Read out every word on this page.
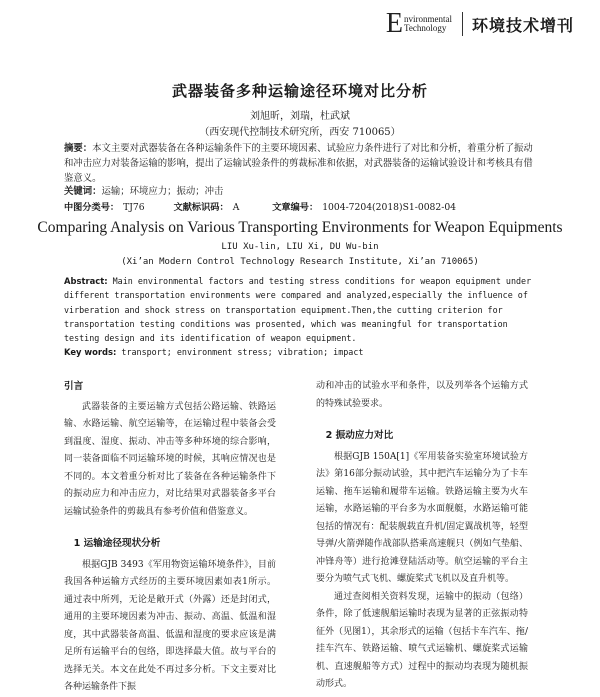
E nvironmental
Technology	环境技术增刊
武器装备多种运输途径环境对比分析
刘旭昕，刘瑞，杜武斌
（西安现代控制技术研究所，西安 710065）
摘要：本文主要对武器装备在各种运输条件下的主要环境因素、试验应力条件进行了对比和分析，着重分析了振动和冲击应力对装备运输的影响，提出了运输试验条件的剪裁标准和依据，对武器装备的运输试验设计和考核具有借鉴意义。
关键词：运输；环境应力；振动；冲击
中图分类号： TJ76	文献标识码： A	文章编号： 1004-7204(2018)S1-0082-04
Comparing Analysis on Various Transporting Environments for Weapon Equipments
LIU Xu-lin, LIU Xi, DU Wu-bin
(Xi’an Modern Control Technology Research Institute, Xi’an 710065)
Abstract: Main environmental factors and testing stress conditions for weapon equipment under different transportation environments were compared and analyzed,especially the influence of virberation and shock stress on transportation equipment.Then,the cutting criterion for transportation testing conditions was prosented, which was meaningful for transportation testing design and its identification of weapon equipment.
Key words: transport; environment stress; vibration; impact
引言

武器装备的主要运输方式包括公路运输、铁路运输、水路运输、航空运输等，在运输过程中装备会受到温度、湿度、振动、冲击等多种环境的综合影响，同一装备面临不同运输环境的时候，其响应情况也是不同的。本文着重分析对比了装备在各种运输条件下的振动应力和冲击应力，对比结果对武器装备多平台运输试验条件的剪裁具有参考价值和借鉴意义。

1 运输途径现状分析

根据GJB 3493《军用物资运输环境条件》，目前我国各种运输方式经历的主要环境因素如表1所示。通过表中所列，无论是敞开式（外露）还是封闭式，通用的主要环境因素为冲击、振动、高温、低温和湿度，其中武器装备高温、低温和湿度的要求应该是满足所有运输平台的包络，即选择最大值。故与平台的选择无关。本文在此处不再过多分析。下文主要对比各种运输条件下振

动和冲击的试验水平和条件，以及列举各个运输方式的特殊试验要求。

2 振动应力对比

根据GJB 150A[1]《军用装备实验室环境试验方法》第16部分振动试验，其中把汽车运输分为了卡车运输、拖车运输和履带车运输。铁路运输主要为火车运输，水路运输的平台多为水面舰艇，水路运输可能包括的情况有：配装舰载直升机/固定翼战机等，轻型导弹/火箭弹随作战部队搭乘高速舰只（例如气垫船、冲锋舟等）进行抢滩登陆活动等。航空运输的平台主要分为喷气式飞机、螺旋桨式飞机以及直升机等。

通过查阅相关资料发现，运输中的振动（包络）条件，除了低速舰船运输时表现为显著的正弦振动特征外（见图1），其余形式的运输（包括卡车汽车、拖/挂车汽车、铁路运输、喷气式运输机、螺旋桨式运输机、直速舰船等方式）过程中的振动均表现为随机振动形式。
